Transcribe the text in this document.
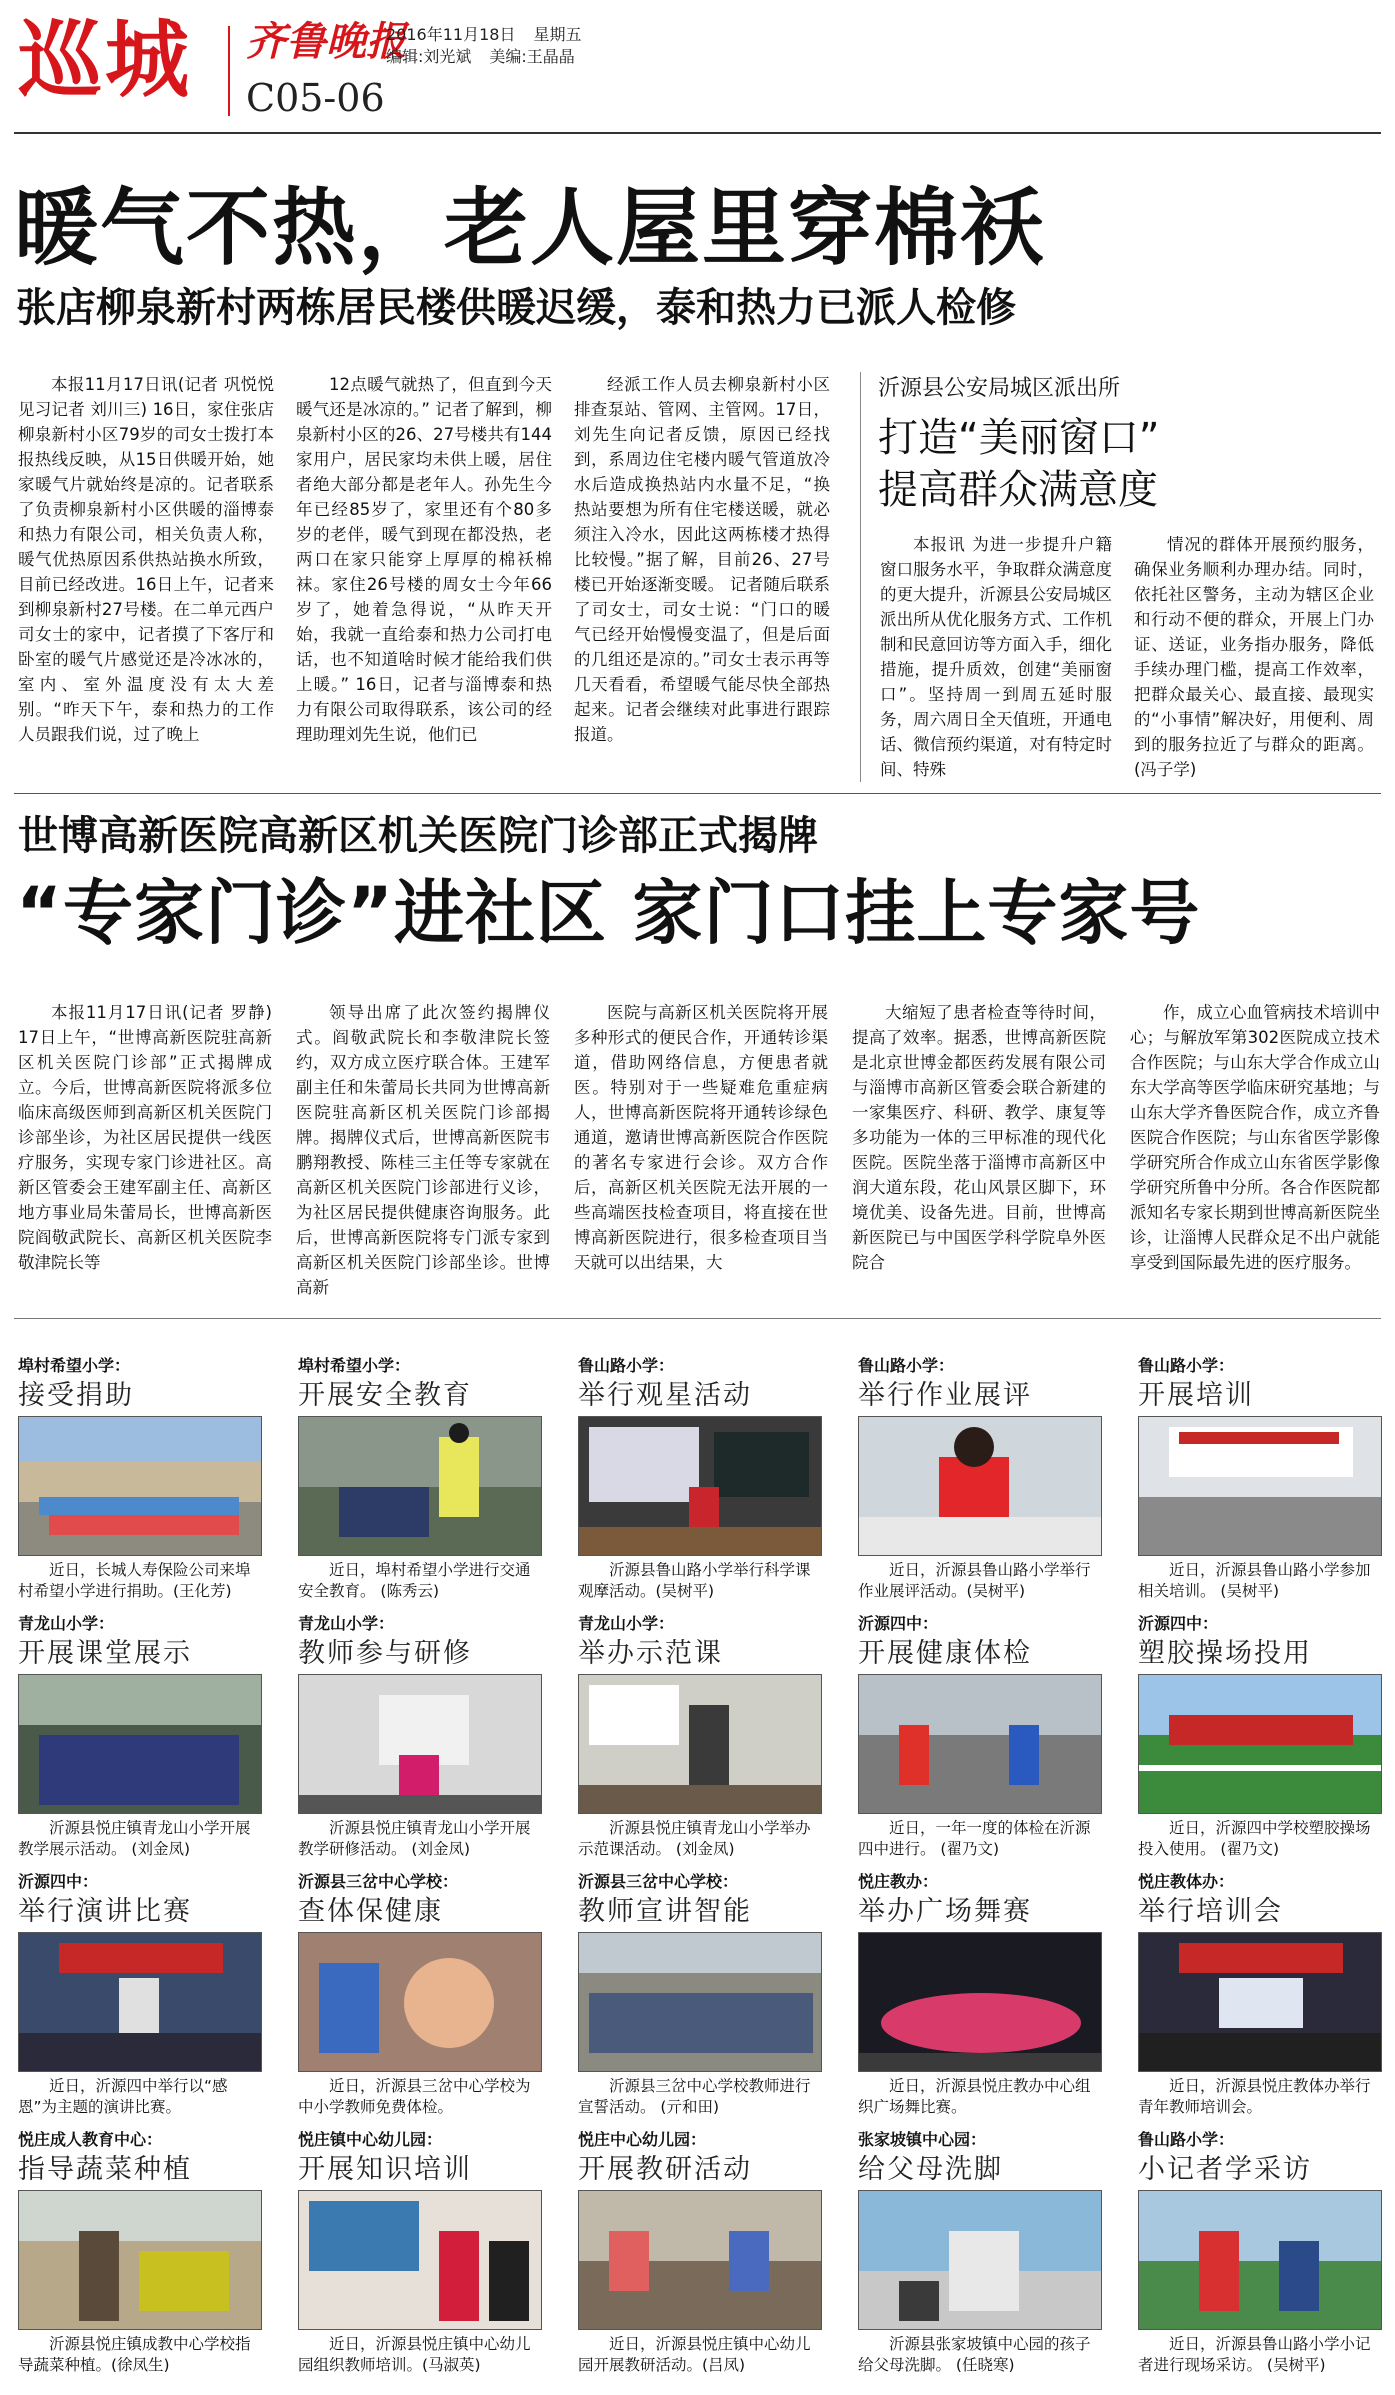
巡城 齐鲁晚报
2016年11月18日 星期五
编辑:刘光斌 美编:王晶晶
C05-06
暖气不热，老人屋里穿棉袄
张店柳泉新村两栋居民楼供暖迟缓，泰和热力已派人检修

本报11月17日讯(记者 巩悦悦 见习记者 刘川三) 16日，家住张店柳泉新村小区79岁的司女士拨打本报热线反映，从15日供暖开始，她家暖气片就始终是凉的。记者联系了负责柳泉新村小区供暖的淄博泰和热力有限公司，相关负责人称，暖气优热原因系供热站换水所致，目前已经改进。16日上午，记者来到柳泉新村27号楼。在二单元西户司女士的家中，记者摸了下客厅和卧室的暖气片感觉还是冷冰冰的，室内、室外温度没有太大差别。“昨天下午，泰和热力的工作人员跟我们说，过了晚上

12点暖气就热了，但直到今天暖气还是冰凉的。” 记者了解到，柳泉新村小区的26、27号楼共有144家用户，居民家均未供上暖，居住者绝大部分都是老年人。孙先生今年已经85岁了，家里还有个80多岁的老伴，暖气到现在都没热，老两口在家只能穿上厚厚的棉袄棉袜。家住26号楼的周女士今年66岁了，她着急得说，“从昨天开始，我就一直给泰和热力公司打电话，也不知道啥时候才能给我们供上暖。” 16日，记者与淄博泰和热力有限公司取得联系，该公司的经理助理刘先生说，他们已

经派工作人员去柳泉新村小区排查泵站、管网、主管网。17日，刘先生向记者反馈，原因已经找到，系周边住宅楼内暖气管道放冷水后造成换热站内水量不足，“换热站要想为所有住宅楼送暖，就必须注入冷水，因此这两栋楼才热得比较慢。”据了解，目前26、27号楼已开始逐渐变暖。 记者随后联系了司女士，司女士说：“门口的暖气已经开始慢慢变温了，但是后面的几组还是凉的。”司女士表示再等几天看看，希望暖气能尽快全部热起来。记者会继续对此事进行跟踪报道。

沂源县公安局城区派出所
打造“美丽窗口”
提高群众满意度

本报讯 为进一步提升户籍窗口服务水平，争取群众满意度的更大提升，沂源县公安局城区派出所从优化服务方式、工作机制和民意回访等方面入手，细化措施，提升质效，创建“美丽窗口”。坚持周一到周五延时服务，周六周日全天值班，开通电话、微信预约渠道，对有特定时间、特殊

情况的群体开展预约服务，确保业务顺利办理办结。同时，依托社区警务，主动为辖区企业和行动不便的群众，开展上门办证、送证，业务指办服务，降低手续办理门槛，提高工作效率，把群众最关心、最直接、最现实的“小事情”解决好，用便利、周到的服务拉近了与群众的距离。(冯子学)

世博高新医院高新区机关医院门诊部正式揭牌
“专家门诊”进社区 家门口挂上专家号

本报11月17日讯(记者 罗静) 17日上午，“世博高新医院驻高新区机关医院门诊部”正式揭牌成立。今后，世博高新医院将派多位临床高级医师到高新区机关医院门诊部坐诊，为社区居民提供一线医疗服务，实现专家门诊进社区。高新区管委会王建军副主任、高新区地方事业局朱蕾局长，世博高新医院阎敬武院长、高新区机关医院李敬津院长等

领导出席了此次签约揭牌仪式。阎敬武院长和李敬津院长签约，双方成立医疗联合体。王建军副主任和朱蕾局长共同为世博高新医院驻高新区机关医院门诊部揭牌。揭牌仪式后，世博高新医院韦鹏翔教授、陈桂三主任等专家就在高新区机关医院门诊部进行义诊，为社区居民提供健康咨询服务。此后，世博高新医院将专门派专家到高新区机关医院门诊部坐诊。世博高新

医院与高新区机关医院将开展多种形式的便民合作，开通转诊渠道，借助网络信息，方便患者就医。特别对于一些疑难危重症病人，世博高新医院将开通转诊绿色通道，邀请世博高新医院合作医院的著名专家进行会诊。双方合作后，高新区机关医院无法开展的一些高端医技检查项目，将直接在世博高新医院进行，很多检查项目当天就可以出结果，大

大缩短了患者检查等待时间，提高了效率。据悉，世博高新医院是北京世博金都医药发展有限公司与淄博市高新区管委会联合新建的一家集医疗、科研、教学、康复等多功能为一体的三甲标准的现代化医院。医院坐落于淄博市高新区中润大道东段，花山风景区脚下，环境优美、设备先进。目前，世博高新医院已与中国医学科学院阜外医院合

作，成立心血管病技术培训中心；与解放军第302医院成立技术合作医院；与山东大学合作成立山东大学高等医学临床研究基地；与山东大学齐鲁医院合作，成立齐鲁医院合作医院；与山东省医学影像学研究所合作成立山东省医学影像学研究所鲁中分所。各合作医院都派知名专家长期到世博高新医院坐诊，让淄博人民群众足不出户就能享受到国际最先进的医疗服务。

埠村希望小学：
接受捐助
近日，长城人寿保险公司来埠村希望小学进行捐助。(王化芳)
埠村希望小学：
开展安全教育
近日，埠村希望小学进行交通安全教育。 (陈秀云)
鲁山路小学：
举行观星活动
沂源县鲁山路小学举行科学课观摩活动。(吴树平)
鲁山路小学：
举行作业展评
近日，沂源县鲁山路小学举行作业展评活动。(吴树平)
鲁山路小学：
开展培训
近日，沂源县鲁山路小学参加相关培训。 (吴树平)
青龙山小学：
开展课堂展示
沂源县悦庄镇青龙山小学开展教学展示活动。 (刘金凤)
青龙山小学：
教师参与研修
沂源县悦庄镇青龙山小学开展教学研修活动。 (刘金凤)
青龙山小学：
举办示范课
沂源县悦庄镇青龙山小学举办示范课活动。 (刘金凤)
沂源四中：
开展健康体检
近日，一年一度的体检在沂源四中进行。 (翟乃文)
沂源四中：
塑胶操场投用
近日，沂源四中学校塑胶操场投入使用。 (翟乃文)
沂源四中：
举行演讲比赛
近日，沂源四中举行以“感恩”为主题的演讲比赛。
沂源县三岔中心学校：
查体保健康
近日，沂源县三岔中心学校为中小学教师免费体检。
沂源县三岔中心学校：
教师宣讲智能
沂源县三岔中心学校教师进行宣誓活动。 (亓和田)
悦庄教办：
举办广场舞赛
近日，沂源县悦庄教办中心组织广场舞比赛。
悦庄教体办：
举行培训会
近日，沂源县悦庄教体办举行青年教师培训会。
悦庄成人教育中心：
指导蔬菜种植
沂源县悦庄镇成教中心学校指导蔬菜种植。(徐凤生)
悦庄镇中心幼儿园：
开展知识培训
近日，沂源县悦庄镇中心幼儿园组织教师培训。(马淑英)
悦庄中心幼儿园：
开展教研活动
近日，沂源县悦庄镇中心幼儿园开展教研活动。(吕凤)
张家坡镇中心园：
给父母洗脚
沂源县张家坡镇中心园的孩子给父母洗脚。 (任晓寒)
鲁山路小学：
小记者学采访
近日，沂源县鲁山路小学小记者进行现场采访。 (吴树平)
